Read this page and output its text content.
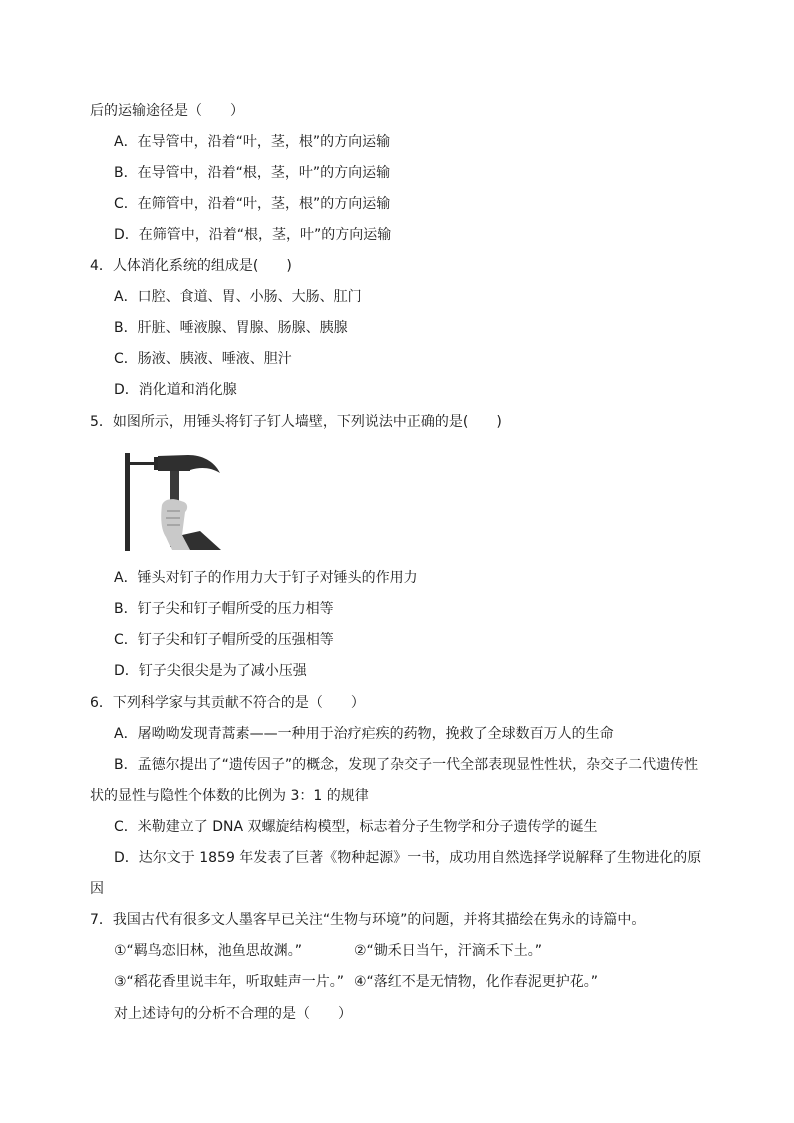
后的运输途径是（　　）
A．在导管中，沿着“叶，茎，根”的方向运输
B．在导管中，沿着“根，茎，叶”的方向运输
C．在筛管中，沿着“叶，茎，根”的方向运输
D．在筛管中，沿着“根，茎，叶”的方向运输
4．人体消化系统的组成是(　　)
A．口腔、食道、胃、小肠、大肠、肛门
B．肝脏、唾液腺、胃腺、肠腺、胰腺
C．肠液、胰液、唾液、胆汁
D．消化道和消化腺
5．如图所示，用锤头将钉子钉人墙壁，下列说法中正确的是(　　)
A．锤头对钉子的作用力大于钉子对锤头的作用力
B．钉子尖和钉子帽所受的压力相等
C．钉子尖和钉子帽所受的压强相等
D．钉子尖很尖是为了减小压强
6．下列科学家与其贡献不符合的是（　　）
A．屠呦呦发现青蒿素——一种用于治疗疟疾的药物，挽救了全球数百万人的生命
B．孟德尔提出了“遗传因子”的概念，发现了杂交子一代全部表现显性性状，杂交子二代遗传性
状的显性与隐性个体数的比例为 3：1 的规律
C．米勒建立了 DNA 双螺旋结构模型，标志着分子生物学和分子遗传学的诞生
D．达尔文于 1859 年发表了巨著《物种起源》一书，成功用自然选择学说解释了生物进化的原
因
7．我国古代有很多文人墨客早已关注“生物与环境”的问题，并将其描绘在隽永的诗篇中。
①“羁鸟恋旧林，池鱼思故渊。”	②“锄禾日当午，汗滴禾下土。”
③“稻花香里说丰年，听取蛙声一片。” ④“落红不是无情物，化作春泥更护花。”
对上述诗句的分析不合理的是（　　）
